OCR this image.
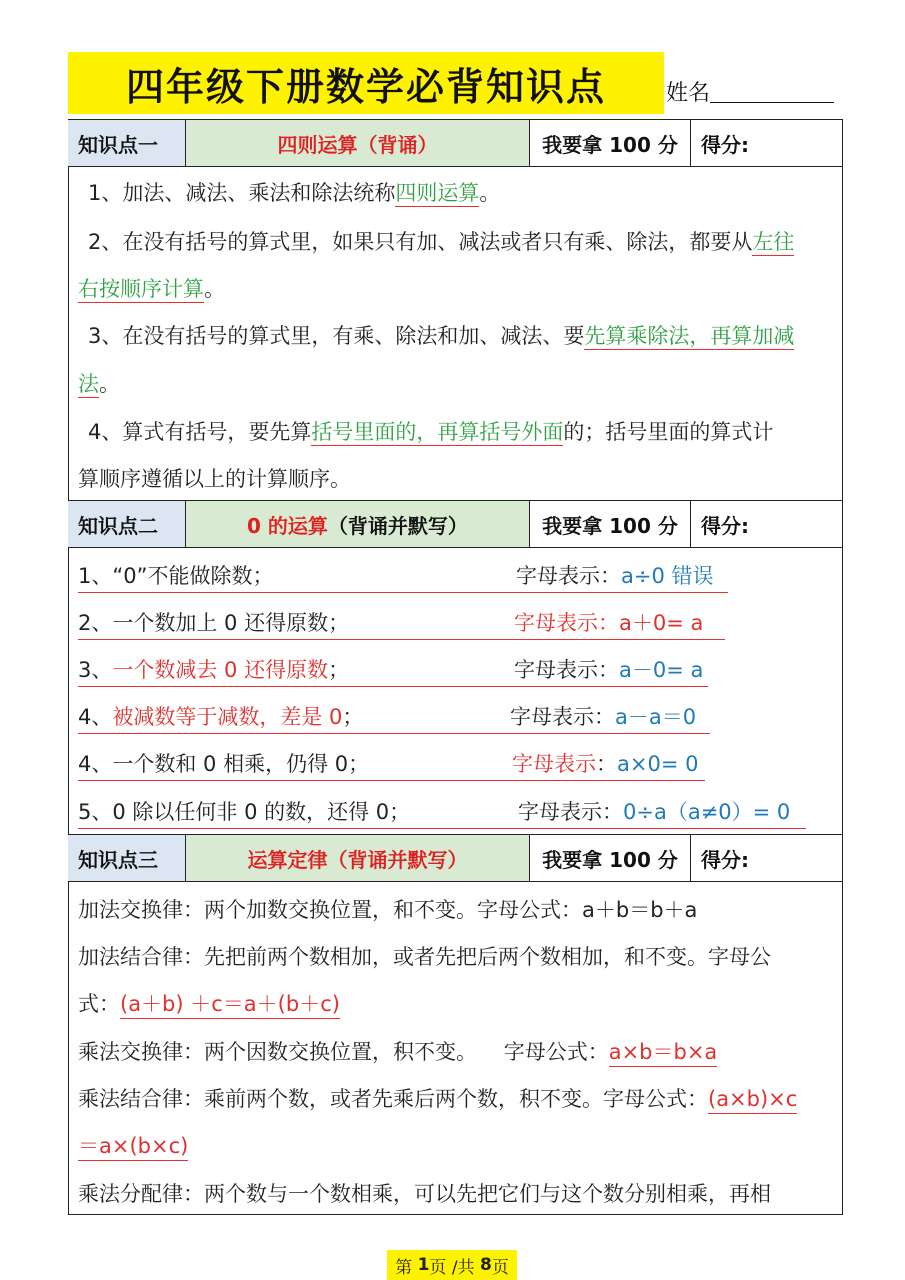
四年级下册数学必背知识点	姓名
知识点一	四则运算 （背诵）	我要拿 100 分	得分:
1、加法、减法、乘法和除法统称四则运算。
2、在没有括号的算式里，如果只有加、减法或者只有乘、除法，都要从左往
右按顺序计算。
3、在没有括号的算式里，有乘、除法和加、减法、要先算乘除法，再算加减
法。
4、算式有括号，要先算括号里面的，再算括号外面的；括号里面的算式计
算顺序遵循以上的计算顺序。
知识点二	0 的运算 （背诵并默写）	我要拿 100 分	得分:
1、“0”不能做除数；	字母表示：a÷0 错误
2、一个数加上 0 还得原数；	字母表示：a＋0= a
3、一个数减去 0 还得原数；	字母表示：a－0= a
4、被减数等于减数，差是 0；	字母表示：a－a＝0
4、一个数和 0 相乘，仍得 0；	字母表示：a×0= 0
5、0 除以任何非 0 的数，还得 0；	字母表示：0÷a（a≠0）= 0
知识点三	运算定律 （背诵并默写）	我要拿 100 分	得分:
加法交换律：两个加数交换位置，和不变。字母公式：a＋b＝b＋a
加法结合律：先把前两个数相加，或者先把后两个数相加，和不变。字母公
式：(a＋b) ＋c＝a＋(b＋c)
乘法交换律：两个因数交换位置，积不变。    字母公式：a×b＝b×a
乘法结合律：乘前两个数，或者先乘后两个数，积不变。字母公式：(a×b)×c
＝a×(b×c)
乘法分配律：两个数与一个数相乘，可以先把它们与这个数分别相乘，再相
第 1 页 /共 8 页
